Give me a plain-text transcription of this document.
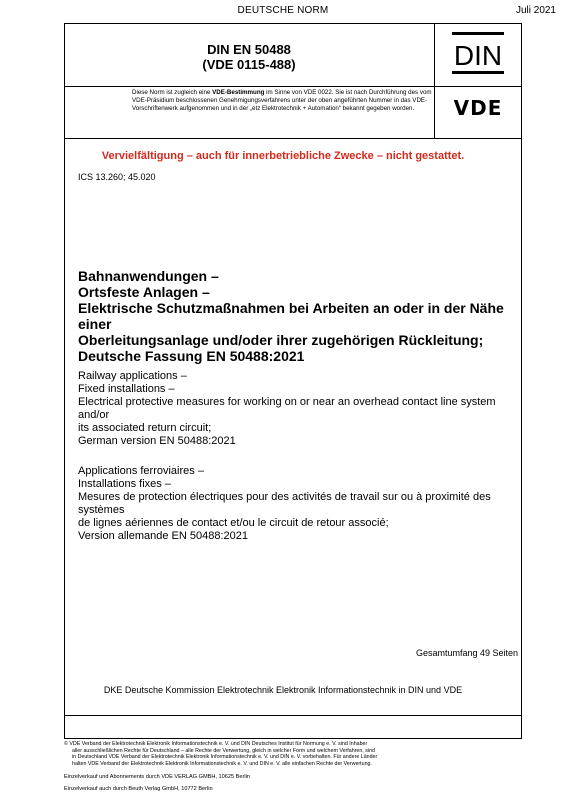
DEUTSCHE NORM	Juli 2021
DIN EN 50488
(VDE 0115-488)	DIN
VDE
Diese Norm ist zugleich eine VDE-Bestimmung im Sinne von VDE 0022. Sie ist nach Durchführung des vom VDE-Präsidium beschlossenen Genehmigungsverfahrens unter der oben angeführten Nummer in das VDE-Vorschriftenwerk aufgenommen und in der „etz Elektrotechnik + Automation“ bekannt gegeben worden.
Vervielfältigung – auch für innerbetriebliche Zwecke – nicht gestattet.
ICS 13.260; 45.020
Bahnanwendungen –
Ortsfeste Anlagen –
Elektrische Schutzmaßnahmen bei Arbeiten an oder in der Nähe einer
Oberleitungsanlage und/oder ihrer zugehörigen Rückleitung;
Deutsche Fassung EN 50488:2021
Railway applications –
Fixed installations –
Electrical protective measures for working on or near an overhead contact line system and/or
its associated return circuit;
German version EN 50488:2021
Applications ferroviaires –
Installations fixes –
Mesures de protection électriques pour des activités de travail sur ou à proximité des systèmes
de lignes aériennes de contact et/ou le circuit de retour associé;
Version allemande EN 50488:2021
Gesamtumfang 49 Seiten
DKE Deutsche Kommission Elektrotechnik Elektronik Informationstechnik in DIN und VDE

© VDE Verband der Elektrotechnik Elektronik Informationstechnik e. V. und DIN Deutsches Institut für Normung e. V. sind Inhaber

aller ausschließlichen Rechte für Deutschland – alle Rechte der Verwertung, gleich in welcher Form und welchem Verfahren, sind

in Deutschland VDE Verband der Elektrotechnik Elektronik Informationstechnik e. V. und DIN e. V. vorbehalten. Für andere Länder

halten VDE Verband der Elektrotechnik Elektronik Informationstechnik e. V. und DIN e. V. alle einfachen Rechte der Verwertung.

Einzelverkauf und Abonnements durch VDE VERLAG GMBH, 10625 Berlin
Einzelverkauf auch durch Beuth Verlag GmbH, 10772 Berlin
